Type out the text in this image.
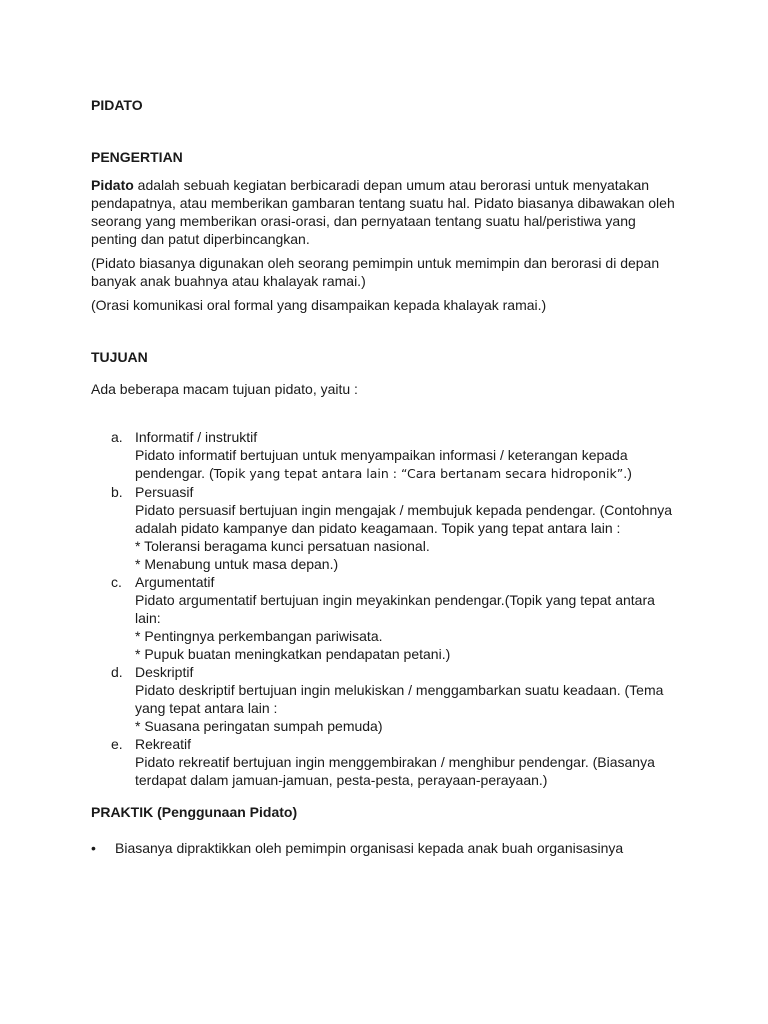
PIDATO

PENGERTIAN

Pidato adalah sebuah kegiatan berbicaradi depan umum atau berorasi untuk menyatakan pendapatnya, atau memberikan gambaran tentang suatu hal. Pidato biasanya dibawakan oleh seorang yang memberikan orasi-orasi, dan pernyataan tentang suatu hal/peristiwa yang penting dan patut diperbincangkan.

(Pidato biasanya digunakan oleh seorang pemimpin untuk memimpin dan berorasi di depan banyak anak buahnya atau khalayak ramai.)

(Orasi komunikasi oral formal yang disampaikan kepada khalayak ramai.)

TUJUAN

Ada beberapa macam tujuan pidato, yaitu :

a. Informatif / instruktif
Pidato informatif bertujuan untuk menyampaikan informasi / keterangan kepada pendengar. (Topik yang tepat antara lain : “Cara bertanam secara hidroponik”.)
b. Persuasif
Pidato persuasif bertujuan ingin mengajak / membujuk kepada pendengar. (Contohnya adalah pidato kampanye dan pidato keagamaan. Topik yang tepat antara lain :
* Toleransi beragama kunci persatuan nasional.
* Menabung untuk masa depan.)
c. Argumentatif
Pidato argumentatif bertujuan ingin meyakinkan pendengar.(Topik yang tepat antara lain:
* Pentingnya perkembangan pariwisata.
* Pupuk buatan meningkatkan pendapatan petani.)
d. Deskriptif
Pidato deskriptif bertujuan ingin melukiskan / menggambarkan suatu keadaan. (Tema yang tepat antara lain :
* Suasana peringatan sumpah pemuda)
e. Rekreatif
Pidato rekreatif bertujuan ingin menggembirakan / menghibur pendengar. (Biasanya terdapat dalam jamuan-jamuan, pesta-pesta, perayaan-perayaan.)

PRAKTIK (Penggunaan Pidato)

• Biasanya dipraktikkan oleh pemimpin organisasi kepada anak buah organisasinya
